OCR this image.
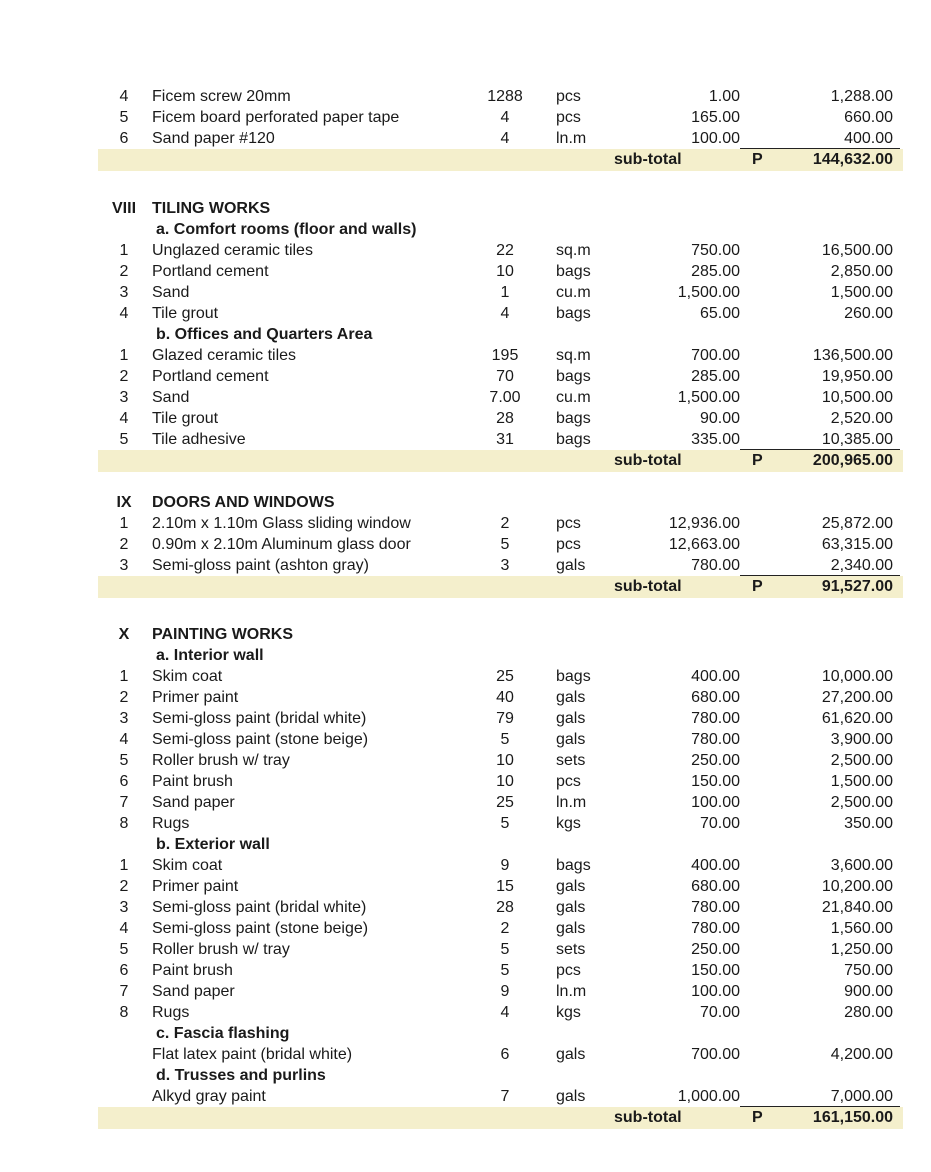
4	Ficem screw 20mm	1288	pcs	1.00	1,288.00
5	Ficem board perforated paper tape	4	pcs	165.00	660.00
6	Sand paper #120	4	ln.m	100.00	400.00
sub-total	P	144,632.00
VIII TILING WORKS
a. Comfort rooms (floor and walls)
1	Unglazed ceramic tiles	22	sq.m	750.00	16,500.00
2	Portland cement	10	bags	285.00	2,850.00
3	Sand	1	cu.m	1,500.00	1,500.00
4	Tile grout	4	bags	65.00	260.00
b. Offices and Quarters Area
1	Glazed ceramic tiles	195	sq.m	700.00	136,500.00
2	Portland cement	70	bags	285.00	19,950.00
3	Sand	7.00	cu.m	1,500.00	10,500.00
4	Tile grout	28	bags	90.00	2,520.00
5	Tile adhesive	31	bags	335.00	10,385.00
sub-total	P	200,965.00
IX DOORS AND WINDOWS
1	2.10m x 1.10m Glass sliding window	2	pcs	12,936.00	25,872.00
2	0.90m x 2.10m Aluminum glass door	5	pcs	12,663.00	63,315.00
3	Semi-gloss paint (ashton gray)	3	gals	780.00	2,340.00
sub-total	P	91,527.00
X	PAINTING WORKS
a. Interior wall
1	Skim coat	25	bags	400.00	10,000.00
2	Primer paint	40	gals	680.00	27,200.00
3	Semi-gloss paint (bridal white)	79	gals	780.00	61,620.00
4	Semi-gloss paint (stone beige)	5	gals	780.00	3,900.00
5	Roller brush w/ tray	10	sets	250.00	2,500.00
6	Paint brush	10	pcs	150.00	1,500.00
7	Sand paper	25	ln.m	100.00	2,500.00
8	Rugs	5	kgs	70.00	350.00
b. Exterior wall
1	Skim coat	9	bags	400.00	3,600.00
2	Primer paint	15	gals	680.00	10,200.00
3	Semi-gloss paint (bridal white)	28	gals	780.00	21,840.00
4	Semi-gloss paint (stone beige)	2	gals	780.00	1,560.00
5	Roller brush w/ tray	5	sets	250.00	1,250.00
6	Paint brush	5	pcs	150.00	750.00
7	Sand paper	9	ln.m	100.00	900.00
8	Rugs	4	kgs	70.00	280.00
c. Fascia flashing
Flat latex paint (bridal white)	6	gals	700.00	4,200.00
d. Trusses and purlins
Alkyd gray paint	7	gals	1,000.00	7,000.00
sub-total	P	161,150.00
